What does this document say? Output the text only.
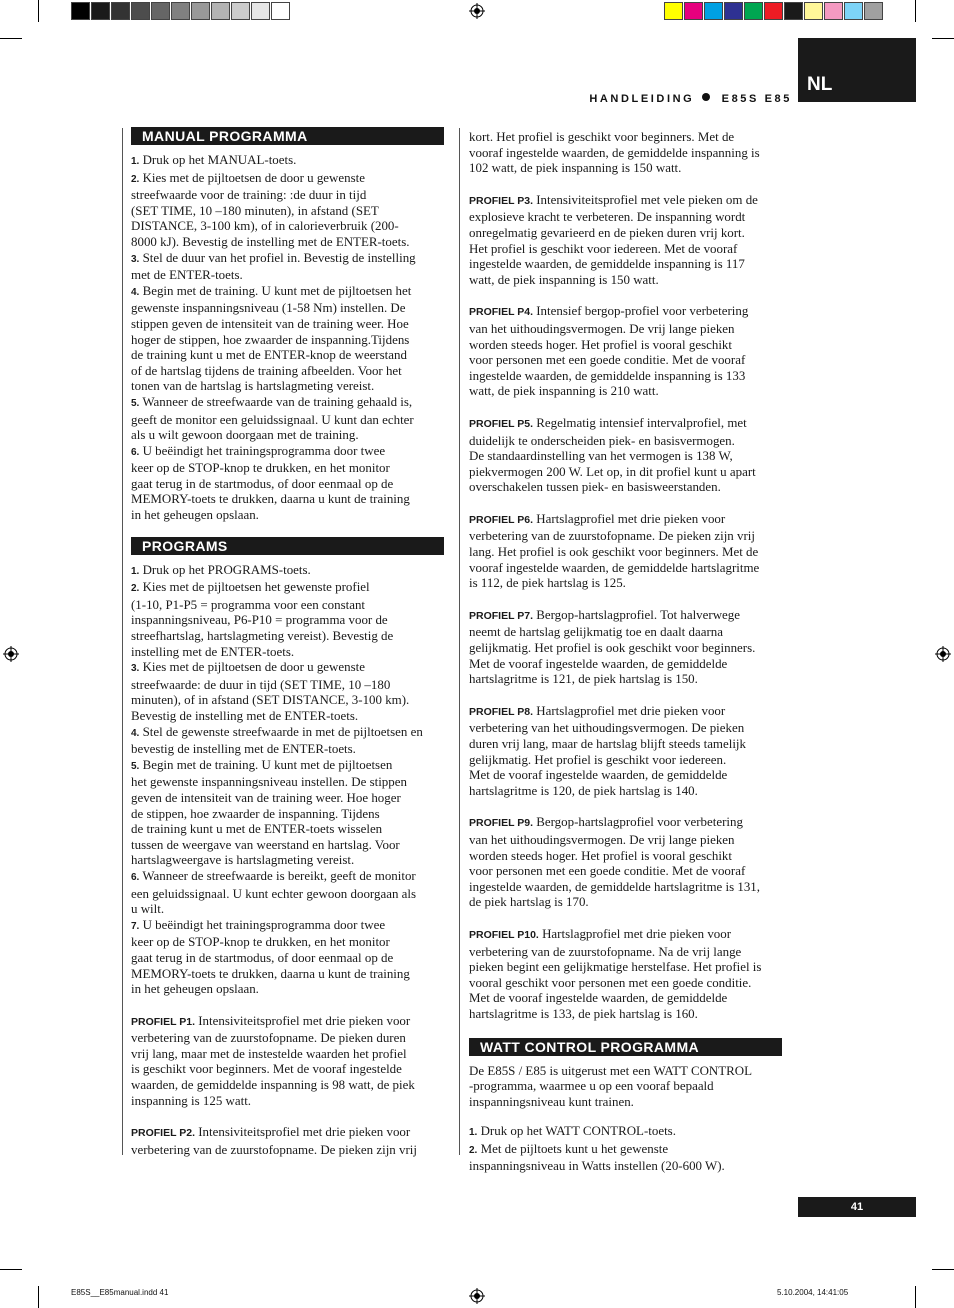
HANDLEIDING E85S E85
NL
MANUAL PROGRAMMA

1. Druk op het MANUAL-toets.

2. Kies met de pijltoetsen de door u gewenste
streefwaarde voor de training: :de duur in tijd
(SET TIME, 10 –180 minuten), in afstand (SET
DISTANCE, 3-100 km), of in calorieverbruik (200-
8000 kJ). Bevestig de instelling met de ENTER-toets.

3. Stel de duur van het profiel in. Bevestig de instelling
met de ENTER-toets.

4. Begin met de training. U kunt met de pijltoetsen het
gewenste inspanningsniveau (1-58 Nm) instellen. De
stippen geven de intensiteit van de training weer. Hoe
hoger de stippen, hoe zwaarder de inspanning.Tijdens
de training kunt u met de ENTER-knop de weerstand
of de hartslag tijdens de training afbeelden. Voor het
tonen van de hartslag is hartslagmeting vereist.

5. Wanneer de streefwaarde van de training gehaald is,
geeft de monitor een geluidssignaal. U kunt dan echter
als u wilt gewoon doorgaan met de training.

6. U beëindigt het trainingsprogramma door twee
keer op de STOP-knop te drukken, en het monitor
gaat terug in de startmodus, of door eenmaal op de
MEMORY-toets te drukken, daarna u kunt de training
in het geheugen opslaan.

PROGRAMS

1. Druk op het PROGRAMS-toets.

2. Kies met de pijltoetsen het gewenste profiel
(1-10, P1-P5 = programma voor een constant
inspanningsniveau, P6-P10 = programma voor de
streefhartslag, hartslagmeting vereist). Bevestig de
instelling met de ENTER-toets.

3. Kies met de pijltoetsen de door u gewenste
streefwaarde: de duur in tijd (SET TIME, 10 –180
minuten), of in afstand (SET DISTANCE, 3-100 km).
Bevestig de instelling met de ENTER-toets.

4. Stel de gewenste streefwaarde in met de pijltoetsen en
bevestig de instelling met de ENTER-toets.

5. Begin met de training. U kunt met de pijltoetsen
het gewenste inspanningsniveau instellen. De stippen
geven de intensiteit van de training weer. Hoe hoger
de stippen, hoe zwaarder de inspanning. Tijdens
de training kunt u met de ENTER-toets wisselen
tussen de weergave van weerstand en hartslag. Voor
hartslagweergave is hartslagmeting vereist.

6. Wanneer de streefwaarde is bereikt, geeft de monitor
een geluidssignaal. U kunt echter gewoon doorgaan als
u wilt.

7. U beëindigt het trainingsprogramma door twee
keer op de STOP-knop te drukken, en het monitor
gaat terug in de startmodus, of door eenmaal op de
MEMORY-toets te drukken, daarna u kunt de training
in het geheugen opslaan.

PROFIEL P1. Intensiviteitsprofiel met drie pieken voor
verbetering van de zuurstofopname. De pieken duren
vrij lang, maar met de instestelde waarden het profiel
is geschikt voor beginners. Met de vooraf ingestelde
waarden, de gemiddelde inspanning is 98 watt, de piek
inspanning is 125 watt.

PROFIEL P2. Intensiviteitsprofiel met drie pieken voor
verbetering van de zuurstofopname. De pieken zijn vrij

kort. Het profiel is geschikt voor beginners. Met de
vooraf ingestelde waarden, de gemiddelde inspanning is
102 watt, de piek inspanning is 150 watt.

PROFIEL P3. Intensiviteitsprofiel met vele pieken om de
explosieve kracht te verbeteren. De inspanning wordt
onregelmatig gevarieerd en de pieken duren vrij kort.
Het profiel is geschikt voor iedereen. Met de vooraf
ingestelde waarden, de gemiddelde inspanning is 117
watt, de piek inspanning is 150 watt.

PROFIEL P4. Intensief bergop-profiel voor verbetering
van het uithoudingsvermogen. De vrij lange pieken
worden steeds hoger. Het profiel is vooral geschikt
voor personen met een goede conditie. Met de vooraf
ingestelde waarden, de gemiddelde inspanning is 133
watt, de piek inspanning is 210 watt.

PROFIEL P5. Regelmatig intensief intervalprofiel, met
duidelijk te onderscheiden piek- en basisvermogen.
De standaardinstelling van het vermogen is 138 W,
piekvermogen 200 W. Let op, in dit profiel kunt u apart
overschakelen tussen piek- en basisweerstanden.

PROFIEL P6. Hartslagprofiel met drie pieken voor
verbetering van de zuurstofopname. De pieken zijn vrij
lang. Het profiel is ook geschikt voor beginners. Met de
vooraf ingestelde waarden, de gemiddelde hartslagritme
is 112, de piek hartslag is 125.

PROFIEL P7. Bergop-hartslagprofiel. Tot halverwege
neemt de hartslag gelijkmatig toe en daalt daarna
gelijkmatig. Het profiel is ook geschikt voor beginners.
Met de vooraf ingestelde waarden, de gemiddelde
hartslagritme is 121, de piek hartslag is 150.

PROFIEL P8. Hartslagprofiel met drie pieken voor
verbetering van het uithoudingsvermogen. De pieken
duren vrij lang, maar de hartslag blijft steeds tamelijk
gelijkmatig. Het profiel is geschikt voor iedereen.
Met de vooraf ingestelde waarden, de gemiddelde
hartslagritme is 120, de piek hartslag is 140.

PROFIEL P9. Bergop-hartslagprofiel voor verbetering
van het uithoudingsvermogen. De vrij lange pieken
worden steeds hoger. Het profiel is vooral geschikt
voor personen met een goede conditie. Met de vooraf
ingestelde waarden, de gemiddelde hartslagritme is 131,
de piek hartslag is 170.

PROFIEL P10. Hartslagprofiel met drie pieken voor
verbetering van de zuurstofopname. Na de vrij lange
pieken begint een gelijkmatige herstelfase. Het profiel is
vooral geschikt voor personen met een goede conditie.
Met de vooraf ingestelde waarden, de gemiddelde
hartslagritme is 133, de piek hartslag is 160.

WATT CONTROL PROGRAMMA

De E85S / E85 is uitgerust met een WATT CONTROL
-programma, waarmee u op een vooraf bepaald
inspanningsniveau kunt trainen.

1. Druk op het WATT CONTROL-toets.

2. Met de pijltoets kunt u het gewenste
inspanningsniveau in Watts instellen (20-600 W).

41
E85S__E85manual.indd 41	5.10.2004, 14:41:05
